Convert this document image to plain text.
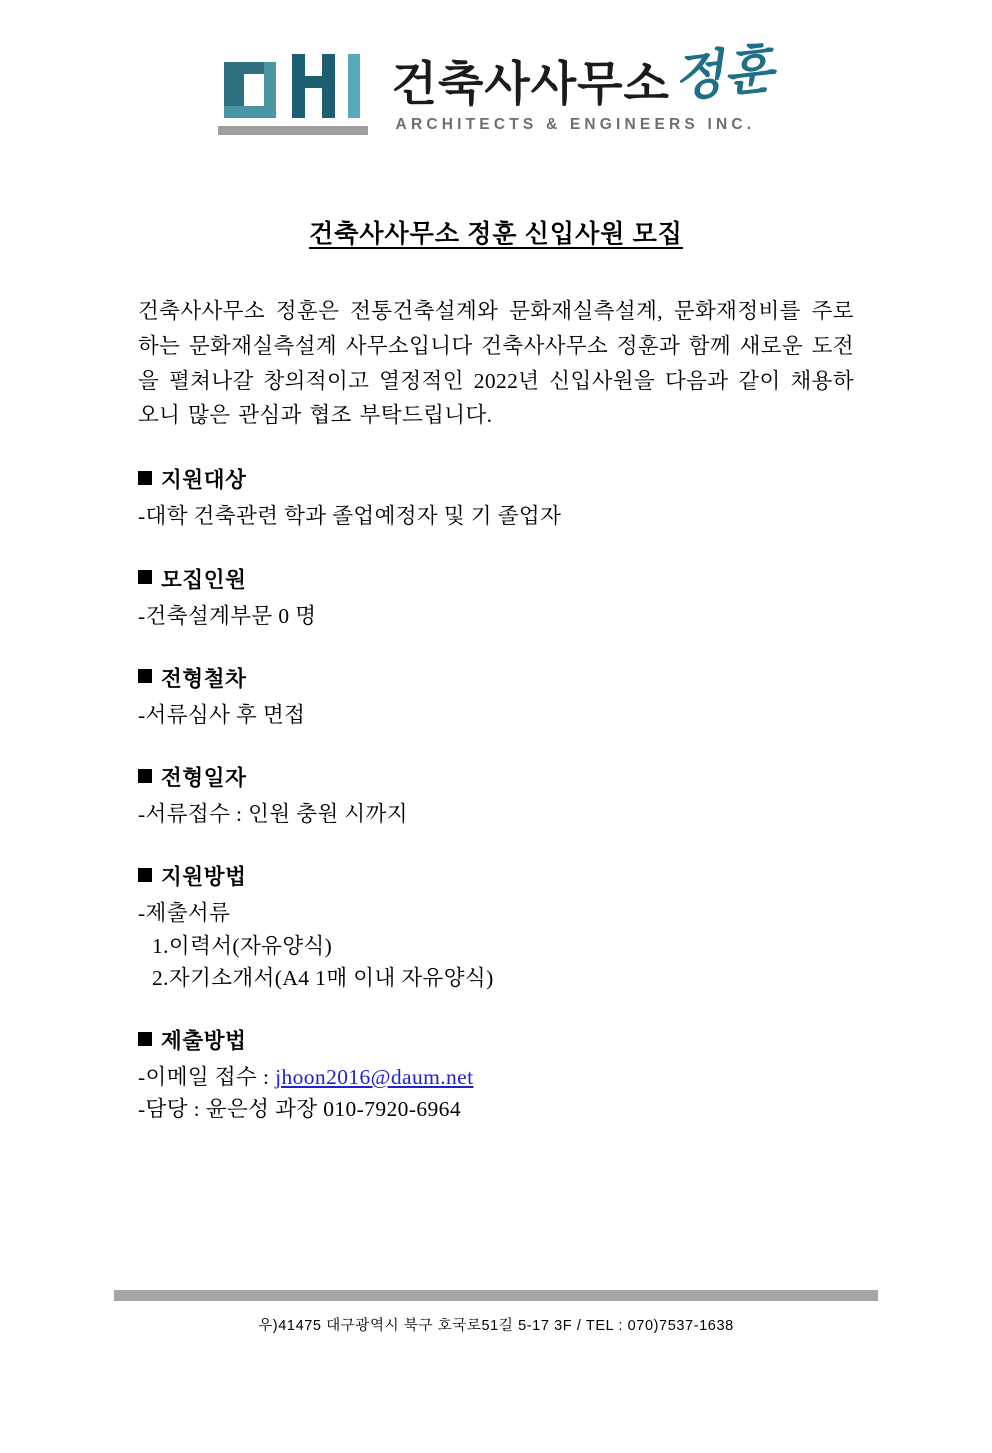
건축사사무소 정훈
ARCHITECTS & ENGINEERS INC.
건축사사무소 정훈 신입사원 모집

건축사사무소 정훈은 전통건축설계와 문화재실측설계, 문화재정비를 주로하는 문화재실측설계 사무소입니다 건축사사무소 정훈과 함께 새로운 도전을 펼쳐나갈 창의적이고 열정적인 2022년 신입사원을 다음과 같이 채용하오니 많은 관심과 협조 부탁드립니다.

지원대상

-대학 건축관련 학과 졸업예정자 및 기 졸업자

모집인원

-건축설계부문 0 명

전형철차

-서류심사 후 면접

전형일자

-서류접수 : 인원 충원 시까지

지원방법

-제출서류

1.이력서(자유양식)

2.자기소개서(A4 1매 이내 자유양식)

제출방법

-이메일 접수 : jhoon2016@daum.net

-담당 : 윤은성 과장 010-7920-6964

우)41475 대구광역시 북구 호국로51길 5-17 3F / TEL : 070)7537-1638
